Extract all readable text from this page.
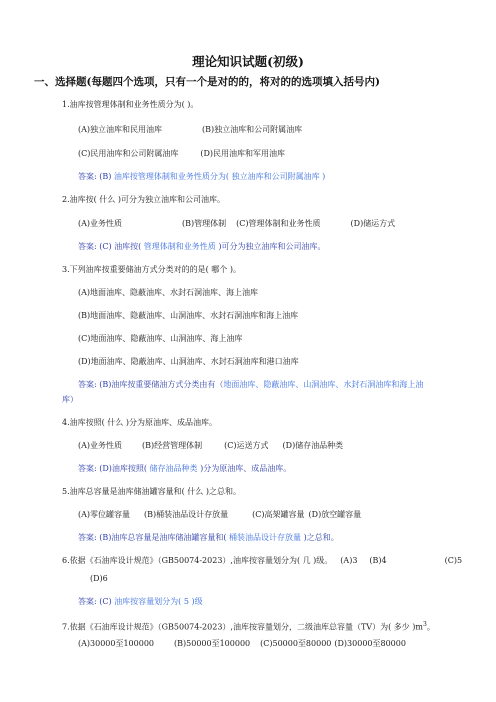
理论知识试题(初级)
一、选择题(每题四个选项，只有一个是对的的，将对的的选项填入括号内)
1.油库按管理体制和业务性质分为( )。
(A)独立油库和民用油库	(B)独立油库和公司附属油库
(C)民用油库和公司附属油库	(D)民用油库和军用油库
答案: (B) 油库按管理体制和业务性质分为( 独立油库和公司附属油库 )
2.油库按( 什么 )可分为独立油库和公司油库。
(A)业务性质	(B)管理体制 (C)管理体制和业务性质	(D)储运方式
答案: (C) 油库按( 管理体制和业务性质 )可分为独立油库和公司油库。
3.下列油库按重要储油方式分类对的的是( 哪个 )。
(A)地面油库、隐蔽油库、水封石洞油库、海上油库
(B)地面油库、隐蔽油库、山洞油库、水封石洞油库和海上油库
(C)地面油库、隐蔽油库、山洞油库、海上油库
(D)地面油库、隐蔽油库、山洞油库、水封石洞油库和港口油库
答案: (B)油库按重要储油方式分类由有（地面油库、隐蔽油库、山洞油库、水封石洞油库和海上油
库）
4.油库按照( 什么 )分为原油库、成品油库。
(A)业务性质	(B)经营管理体制	(C)运送方式 (D)储存油品种类
答案: (D)油库按照( 储存油品种类 )分为原油库、成品油库。
5.油库总容量是油库储油罐容量和( 什么 )之总和。
(A)零位罐容量 (B)桶装油品设计存放量	(C)高架罐容量 (D)放空罐容量
答案: (B)油库总容量是油库储油罐容量和( 桶装油品设计存放量 )之总和。
6.依据《石油库设计规范》（GB50074-2023）,油库按容量划分为( 几 )级。 (A)3 (B)4	(C)5
(D)6
答案: (C) 油库按容量划分为( 5 )级
7.依据《石油库设计规范》（GB50074-2023）,油库按容量划分，二级油库总容量（TV）为( 多少 )$m^3$。
(A)30000至100000	(B)50000至100000 (C)50000至80000 (D)30000至80000
